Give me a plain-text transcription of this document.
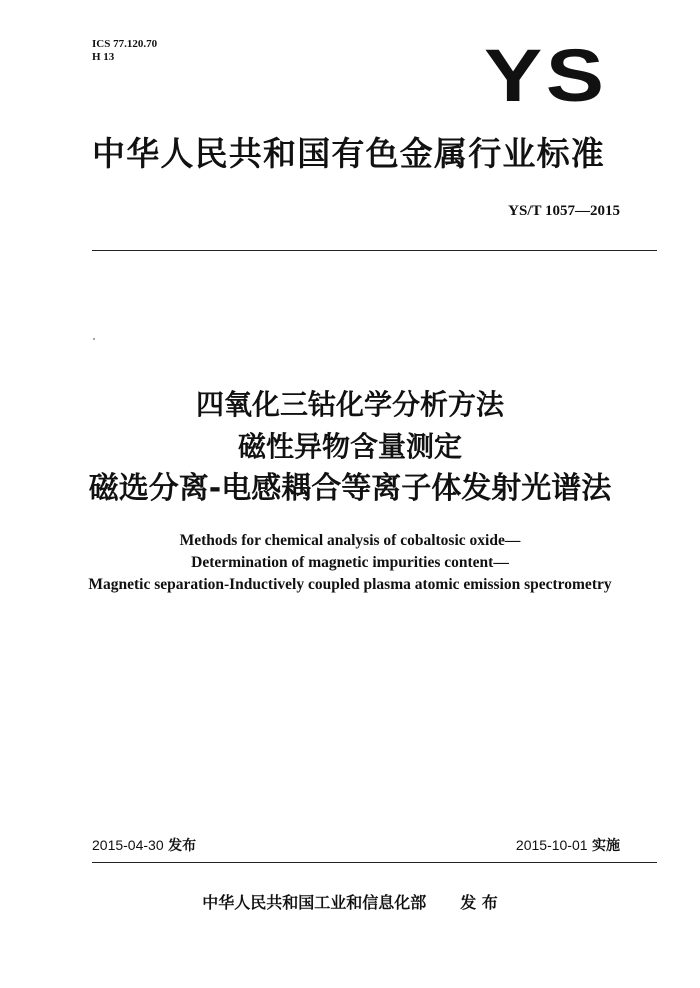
ICS 77.120.70
H 13	YS
中华人民共和国有色金属行业标准
YS/T 1057—2015
四氧化三钴化学分析方法
磁性异物含量测定
磁选分离-电感耦合等离子体发射光谱法
Methods for chemical analysis of cobaltosic oxide—
Determination of magnetic impurities content—
Magnetic separation-Inductively coupled plasma atomic emission spectrometry
2015-04-30 发布	2015-10-01 实施
中华人民共和国工业和信息化部 发 布
